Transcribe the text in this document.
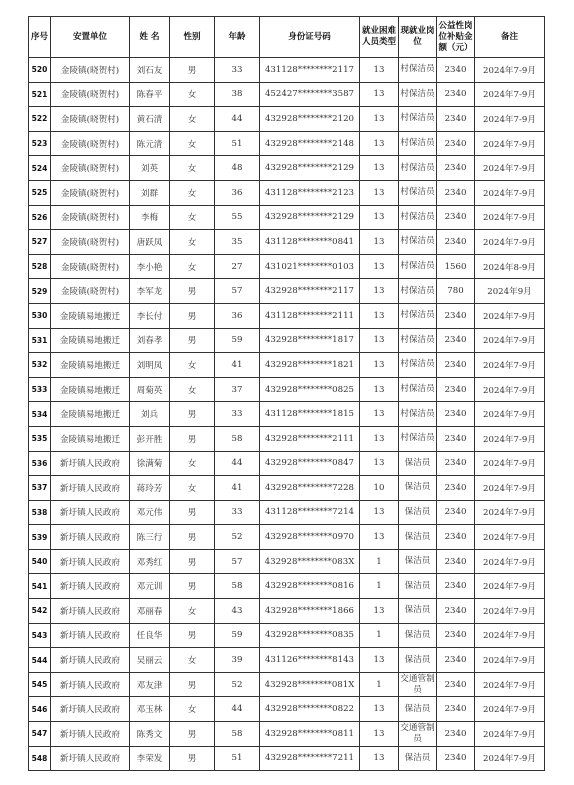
序号	安置单位	姓 名	性别	年龄	身份证号码	就业困难人员类型	现就业岗位	公益性岗位补贴金额（元）	备注
520	金陵镇(晓贺村)	刘石友	男	33	431128********2117	13	村保洁员	2340	2024年7-9月
521	金陵镇(晓贺村)	陈春平	女	38	452427********3587	13	村保洁员	2340	2024年7-9月
522	金陵镇(晓贺村)	黄石清	女	44	432928********2120	13	村保洁员	2340	2024年7-9月
523	金陵镇(晓贺村)	陈元清	女	51	432928********2148	13	村保洁员	2340	2024年7-9月
524	金陵镇(晓贺村)	刘英	女	48	432928********2129	13	村保洁员	2340	2024年7-9月
525	金陵镇(晓贺村)	刘群	女	36	431128********2123	13	村保洁员	2340	2024年7-9月
526	金陵镇(晓贺村)	李梅	女	55	432928********2129	13	村保洁员	2340	2024年7-9月
527	金陵镇(晓贺村)	唐跃凤	女	35	431128********0841	13	村保洁员	2340	2024年7-9月
528	金陵镇(晓贺村)	李小艳	女	27	431021********0103	13	村保洁员	1560	2024年8-9月
529	金陵镇(晓贺村)	李军龙	男	57	432928********2117	13	村保洁员	780	2024年9月
530	金陵镇易地搬迁	李长付	男	36	431128********2111	13	村保洁员	2340	2024年7-9月
531	金陵镇易地搬迁	刘春孝	男	59	432928********1817	13	村保洁员	2340	2024年7-9月
532	金陵镇易地搬迁	刘明凤	女	41	432928********1821	13	村保洁员	2340	2024年7-9月
533	金陵镇易地搬迁	周菊英	女	37	432928********0825	13	村保洁员	2340	2024年7-9月
534	金陵镇易地搬迁	刘兵	男	33	431128********1815	13	村保洁员	2340	2024年7-9月
535	金陵镇易地搬迁	彭开胜	男	58	432928********2111	13	村保洁员	2340	2024年7-9月
536	新圩镇人民政府	徐满菊	女	44	432928********0847	13	保洁员	2340	2024年7-9月
537	新圩镇人民政府	蒋玲芳	女	41	432928********7228	10	保洁员	2340	2024年7-9月
538	新圩镇人民政府	邓元伟	男	33	431128********7214	13	保洁员	2340	2024年7-9月
539	新圩镇人民政府	陈三行	男	52	432928********0970	13	保洁员	2340	2024年7-9月
540	新圩镇人民政府	邓秀红	男	57	432928********083X	1	保洁员	2340	2024年7-9月
541	新圩镇人民政府	邓元训	男	58	432928********0816	1	保洁员	2340	2024年7-9月
542	新圩镇人民政府	邓丽春	女	43	432928********1866	13	保洁员	2340	2024年7-9月
543	新圩镇人民政府	任良华	男	59	432928********0835	1	保洁员	2340	2024年7-9月
544	新圩镇人民政府	吴丽云	女	39	431126********8143	13	保洁员	2340	2024年7-9月
545	新圩镇人民政府	邓友津	男	52	432928********081X	1	交通管制员	2340	2024年7-9月
546	新圩镇人民政府	邓玉林	女	44	432928********0822	13	保洁员	2340	2024年7-9月
547	新圩镇人民政府	陈秀文	男	58	432928********0811	13	交通管制员	2340	2024年7-9月
548	新圩镇人民政府	李荣发	男	51	432928********7211	13	保洁员	2340	2024年7-9月
